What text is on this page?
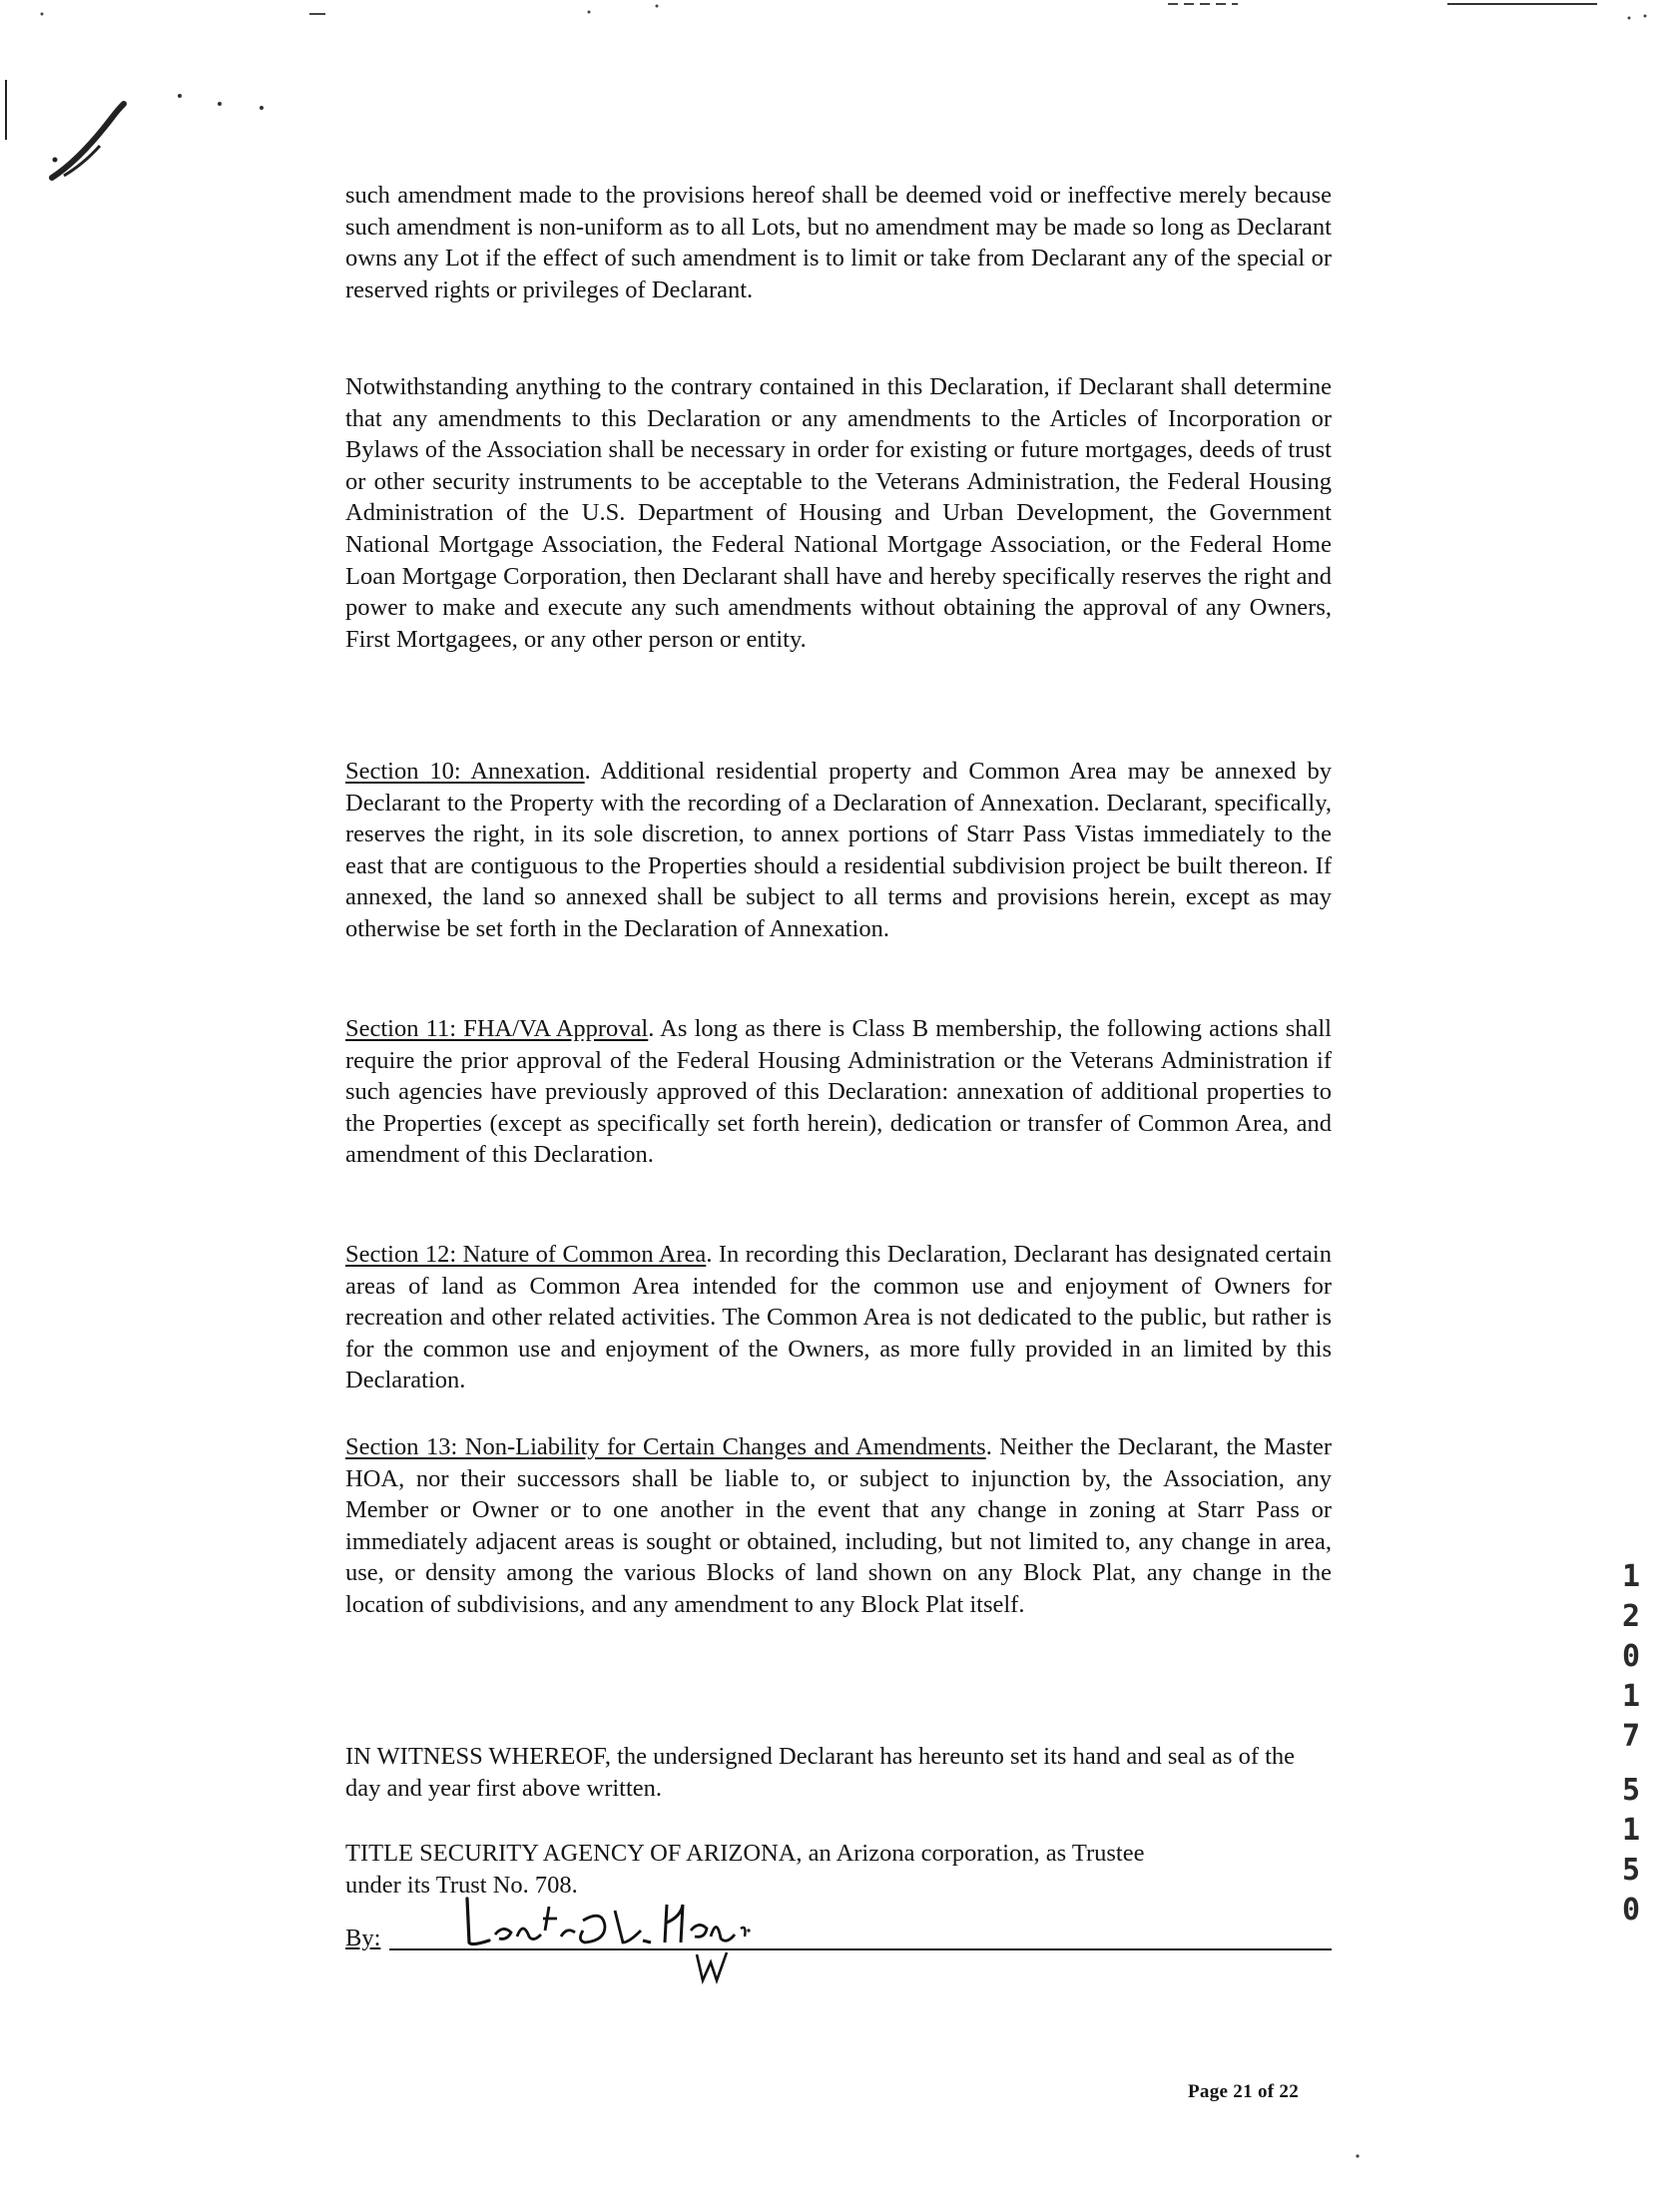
such amendment made to the provisions hereof shall be deemed void or ineffective merely because such amendment is non-uniform as to all Lots, but no amendment may be made so long as Declarant owns any Lot if the effect of such amendment is to limit or take from Declarant any of the special or reserved rights or privileges of Declarant.

Notwithstanding anything to the contrary contained in this Declaration, if Declarant shall determine that any amendments to this Declaration or any amendments to the Articles of Incorporation or Bylaws of the Association shall be necessary in order for existing or future mortgages, deeds of trust or other security instruments to be acceptable to the Veterans Administration, the Federal Housing Administration of the U.S. Department of Housing and Urban Development, the Government National Mortgage Association, the Federal National Mortgage Association, or the Federal Home Loan Mortgage Corporation, then Declarant shall have and hereby specifically reserves the right and power to make and execute any such amendments without obtaining the approval of any Owners, First Mortgagees, or any other person or entity.

Section 10: Annexation. Additional residential property and Common Area may be annexed by Declarant to the Property with the recording of a Declaration of Annexation. Declarant, specifically, reserves the right, in its sole discretion, to annex portions of Starr Pass Vistas immediately to the east that are contiguous to the Properties should a residential subdivision project be built thereon. If annexed, the land so annexed shall be subject to all terms and provisions herein, except as may otherwise be set forth in the Declaration of Annexation.

Section 11: FHA/VA Approval. As long as there is Class B membership, the following actions shall require the prior approval of the Federal Housing Administration or the Veterans Administration if such agencies have previously approved of this Declaration: annexation of additional properties to the Properties (except as specifically set forth herein), dedication or transfer of Common Area, and amendment of this Declaration.

Section 12: Nature of Common Area. In recording this Declaration, Declarant has designated certain areas of land as Common Area intended for the common use and enjoyment of Owners for recreation and other related activities. The Common Area is not dedicated to the public, but rather is for the common use and enjoyment of the Owners, as more fully provided in an limited by this Declaration.

Section 13: Non-Liability for Certain Changes and Amendments. Neither the Declarant, the Master HOA, nor their successors shall be liable to, or subject to injunction by, the Association, any Member or Owner or to one another in the event that any change in zoning at Starr Pass or immediately adjacent areas is sought or obtained, including, but not limited to, any change in area, use, or density among the various Blocks of land shown on any Block Plat, any change in the location of subdivisions, and any amendment to any Block Plat itself.

IN WITNESS WHEREOF, the undersigned Declarant has hereunto set its hand and seal as of the day and year first above written.

TITLE SECURITY AGENCY OF ARIZONA, an Arizona corporation, as Trustee
under its Trust No. 708.

By:
Page 21 of 22
1
2
0
1
7
5
1
5
0
